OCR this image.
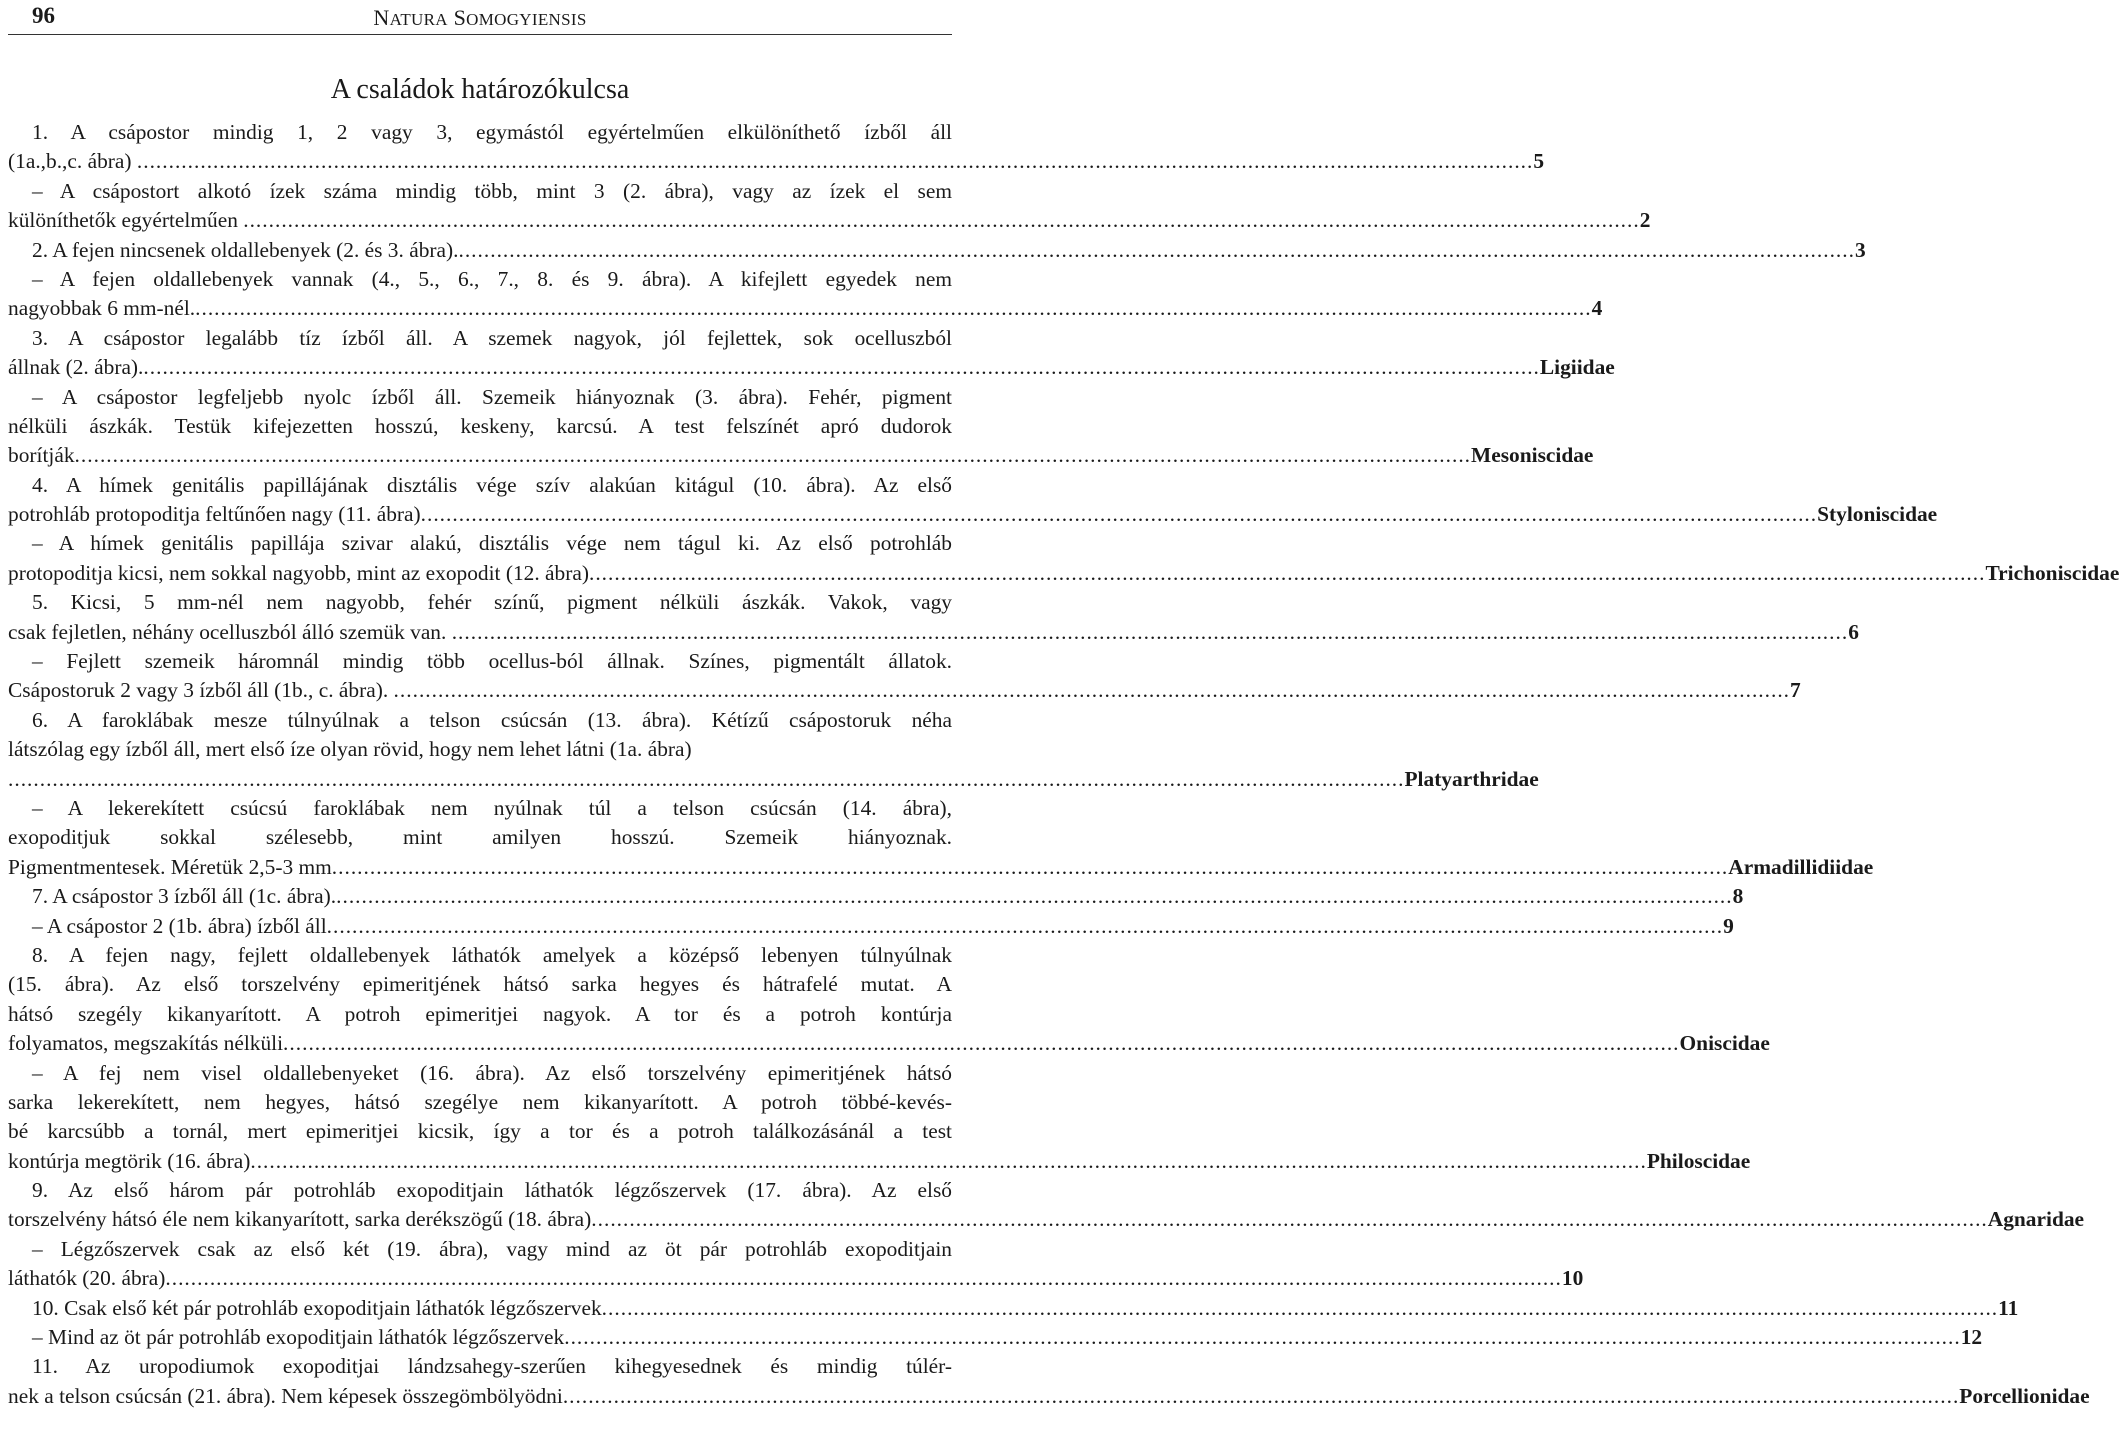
96	NATURA SOMOGYIENSIS
A családok határozókulcsa
1. A csápostor mindig 1, 2 vagy 3, egymástól egyértelműen elkülöníthető ízből áll
(1a.,b.,c. ábra) ............................................................................................................................................................................................................................ 5
– A csápostort alkotó ízek száma mindig több, mint 3 (2. ábra), vagy az ízek el sem
különíthetők egyértelműen ............................................................................................................................................................................................................................ 2
2. A fejen nincsenek oldallebenyek (2. és 3. ábra). ............................................................................................................................................................................................................................ 3
– A fejen oldallebenyek vannak (4., 5., 6., 7., 8. és 9. ábra). A kifejlett egyedek nem
nagyobbak 6 mm-nél. ............................................................................................................................................................................................................................ 4
3. A csápostor legalább tíz ízből áll. A szemek nagyok, jól fejlettek, sok ocelluszból
állnak (2. ábra). ............................................................................................................................................................................................................................ Ligiidae
– A csápostor legfeljebb nyolc ízből áll. Szemeik hiányoznak (3. ábra). Fehér, pigment
nélküli ászkák. Testük kifejezetten hosszú, keskeny, karcsú. A test felszínét apró dudorok
borítják ............................................................................................................................................................................................................................ Mesoniscidae
4. A hímek genitális papillájának disztális vége szív alakúan kitágul (10. ábra). Az első
potrohláb protopoditja feltűnően nagy (11. ábra) ............................................................................................................................................................................................................................ Styloniscidae
– A hímek genitális papillája szivar alakú, disztális vége nem tágul ki. Az első potrohláb
protopoditja kicsi, nem sokkal nagyobb, mint az exopodit (12. ábra) ............................................................................................................................................................................................................................ Trichoniscidae
5. Kicsi, 5 mm-nél nem nagyobb, fehér színű, pigment nélküli ászkák. Vakok, vagy
csak fejletlen, néhány ocelluszból álló szemük van. ............................................................................................................................................................................................................................ 6
– Fejlett szemeik háromnál mindig több ocellus-ból állnak. Színes, pigmentált állatok.
Csápostoruk 2 vagy 3 ízből áll (1b., c. ábra). ............................................................................................................................................................................................................................ 7
6. A faroklábak mesze túlnyúlnak a telson csúcsán (13. ábra). Kétízű csápostoruk néha
látszólag egy ízből áll, mert első íze olyan rövid, hogy nem lehet látni (1a. ábra)
............................................................................................................................................................................................................................ Platyarthridae
– A lekerekített csúcsú faroklábak nem nyúlnak túl a telson csúcsán (14. ábra),
exopoditjuk sokkal szélesebb, mint amilyen hosszú. Szemeik hiányoznak.
Pigmentmentesek. Méretük 2,5-3 mm ............................................................................................................................................................................................................................ Armadillidiidae
7. A csápostor 3 ízből áll (1c. ábra). ............................................................................................................................................................................................................................ 8
– A csápostor 2 (1b. ábra) ízből áll ............................................................................................................................................................................................................................ 9
8. A fejen nagy, fejlett oldallebenyek láthatók amelyek a középső lebenyen túlnyúlnak
(15. ábra). Az első torszelvény epimeritjének hátsó sarka hegyes és hátrafelé mutat. A
hátsó szegély kikanyarított. A potroh epimeritjei nagyok. A tor és a potroh kontúrja
folyamatos, megszakítás nélküli ............................................................................................................................................................................................................................ Oniscidae
– A fej nem visel oldallebenyeket (16. ábra). Az első torszelvény epimeritjének hátsó
sarka lekerekített, nem hegyes, hátsó szegélye nem kikanyarított. A potroh többé-kevés-
bé karcsúbb a tornál, mert epimeritjei kicsik, így a tor és a potroh találkozásánál a test
kontúrja megtörik (16. ábra) ............................................................................................................................................................................................................................ Philoscidae
9. Az első három pár potrohláb exopoditjain láthatók légzőszervek (17. ábra). Az első
torszelvény hátsó éle nem kikanyarított, sarka derékszögű (18. ábra) ............................................................................................................................................................................................................................ Agnaridae
– Légzőszervek csak az első két (19. ábra), vagy mind az öt pár potrohláb exopoditjain
láthatók (20. ábra) ............................................................................................................................................................................................................................ 10
10. Csak első két pár potrohláb exopoditjain láthatók légzőszervek ............................................................................................................................................................................................................................ 11
– Mind az öt pár potrohláb exopoditjain láthatók légzőszervek ............................................................................................................................................................................................................................ 12
11. Az uropodiumok exopoditjai lándzsahegy-szerűen kihegyesednek és mindig túlér-
nek a telson csúcsán (21. ábra). Nem képesek összegömbölyödni ............................................................................................................................................................................................................................ Porcellionidae
